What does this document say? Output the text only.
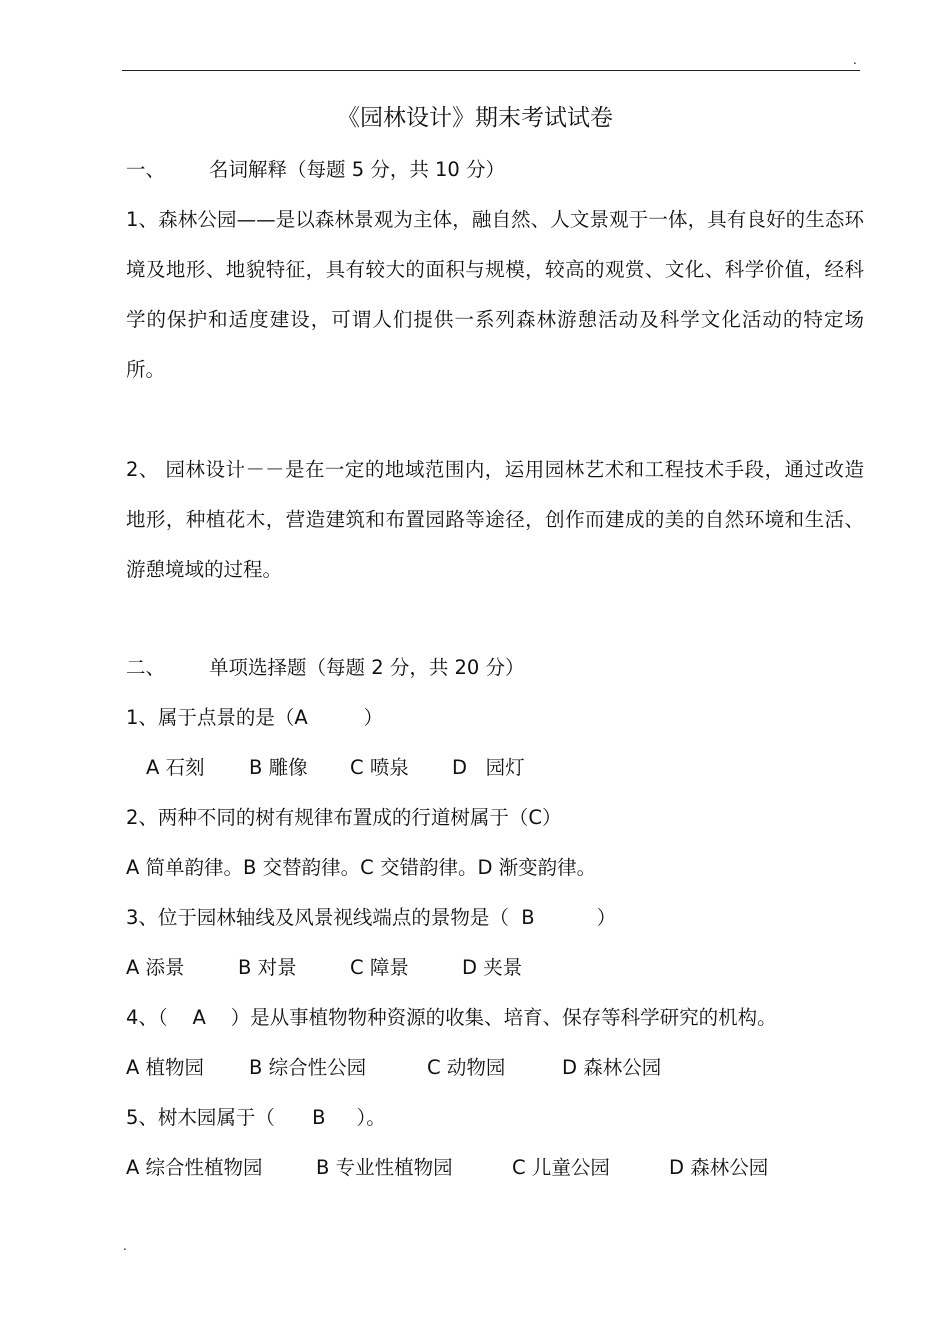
.
《园林设计》期末考试试卷
一、 名词解释（每题 5 分，共 10 分）
1、森林公园——是以森林景观为主体，融自然、人文景观于一体，具有良好的生态环境及地形、地貌特征，具有较大的面积与规模，较高的观赏、文化、科学价值，经科学的保护和适度建设，可谓人们提供一系列森林游憩活动及科学文化活动的特定场所。
2、 园林设计－－是在一定的地域范围内，运用园林艺术和工程技术手段，通过改造地形，种植花木，营造建筑和布置园路等途径，创作而建成的美的自然环境和生活、游憩境域的过程。
二、 单项选择题（每题 2 分，共 20 分）
1、属于点景的是（A         ）
A 石刻 B 雕像 C 喷泉 D   园灯
2、两种不同的树有规律布置成的行道树属于（C）
A 简单韵律。B 交替韵律。C 交错韵律。D 渐变韵律。
3、位于园林轴线及风景视线端点的景物是（  B          ）
A 添景	B 对景	C 障景	D 夹景
4、（    A    ）是从事植物物种资源的收集、培育、保存等科学研究的机构。
A 植物园 B 综合性公园	C 动物园	D 森林公园
5、树木园属于（      B     ）。
A 综合性植物园	B 专业性植物园	C 儿童公园	D 森林公园
.
